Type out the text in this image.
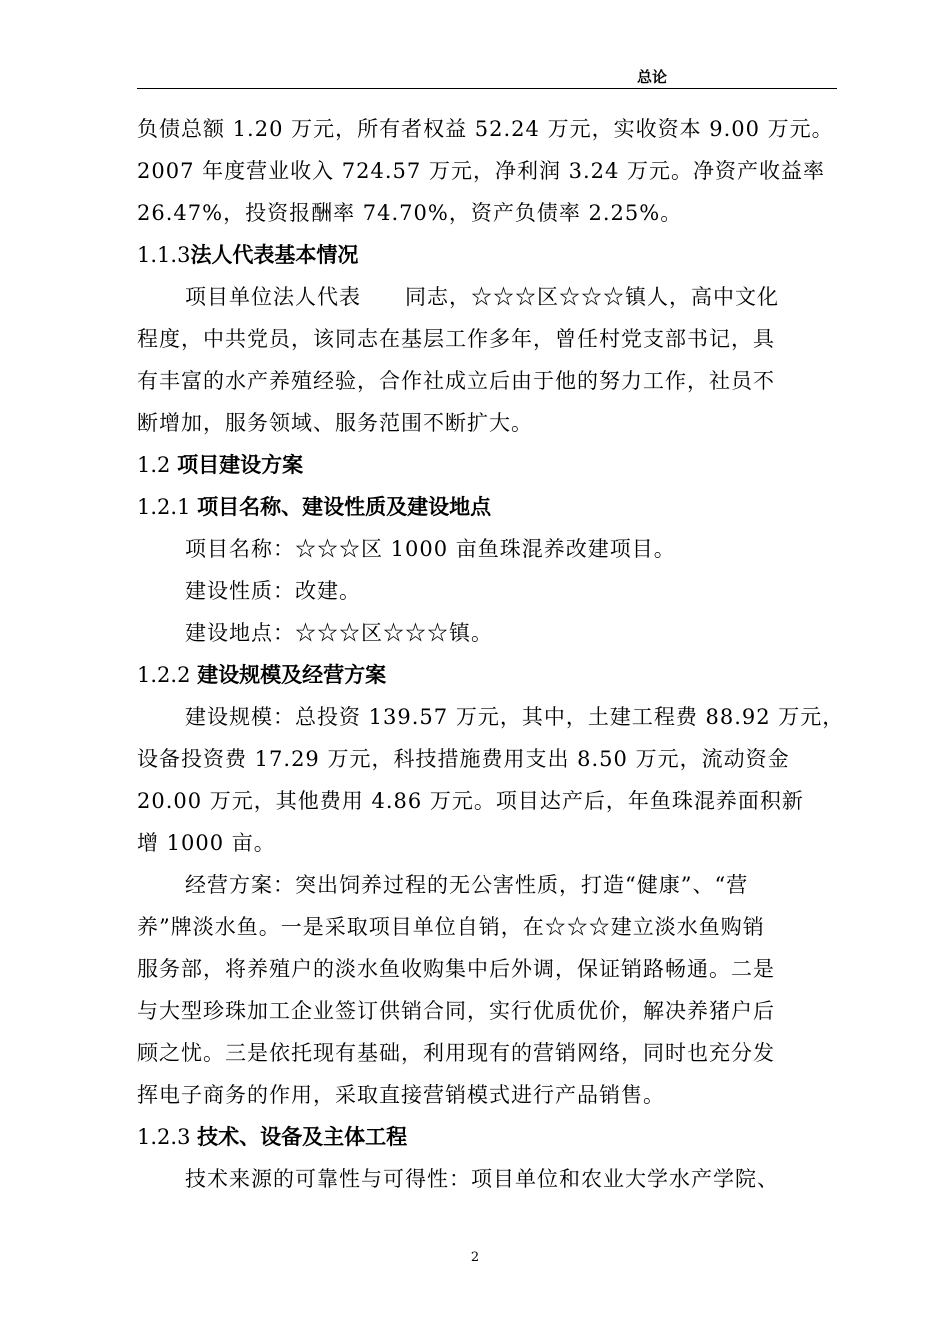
总论

负债总额 1.20 万元，所有者权益 52.24 万元，实收资本 9.00 万元。
2007 年度营业收入 724.57 万元，净利润 3.24 万元。净资产收益率
26.47%，投资报酬率 74.70%，资产负债率 2.25%。

1.1.3法人代表基本情况

项目单位法人代表　　同志，☆☆☆区☆☆☆镇人，高中文化
程度，中共党员，该同志在基层工作多年，曾任村党支部书记，具
有丰富的水产养殖经验，合作社成立后由于他的努力工作，社员不
断增加，服务领域、服务范围不断扩大。

1.2 项目建设方案

1.2.1 项目名称、建设性质及建设地点

项目名称：☆☆☆区 1000 亩鱼珠混养改建项目。

建设性质：改建。

建设地点：☆☆☆区☆☆☆镇。

1.2.2 建设规模及经营方案

建设规模：总投资 139.57 万元，其中，土建工程费 88.92 万元，
设备投资费 17.29 万元，科技措施费用支出 8.50 万元，流动资金
20.00 万元，其他费用 4.86 万元。项目达产后，年鱼珠混养面积新
增 1000 亩。

经营方案：突出饲养过程的无公害性质，打造“健康”、“营
养”牌淡水鱼。一是采取项目单位自销，在☆☆☆建立淡水鱼购销
服务部，将养殖户的淡水鱼收购集中后外调，保证销路畅通。二是
与大型珍珠加工企业签订供销合同，实行优质优价，解决养猪户后
顾之忧。三是依托现有基础，利用现有的营销网络，同时也充分发
挥电子商务的作用，采取直接营销模式进行产品销售。

1.2.3 技术、设备及主体工程

技术来源的可靠性与可得性：项目单位和农业大学水产学院、

2
